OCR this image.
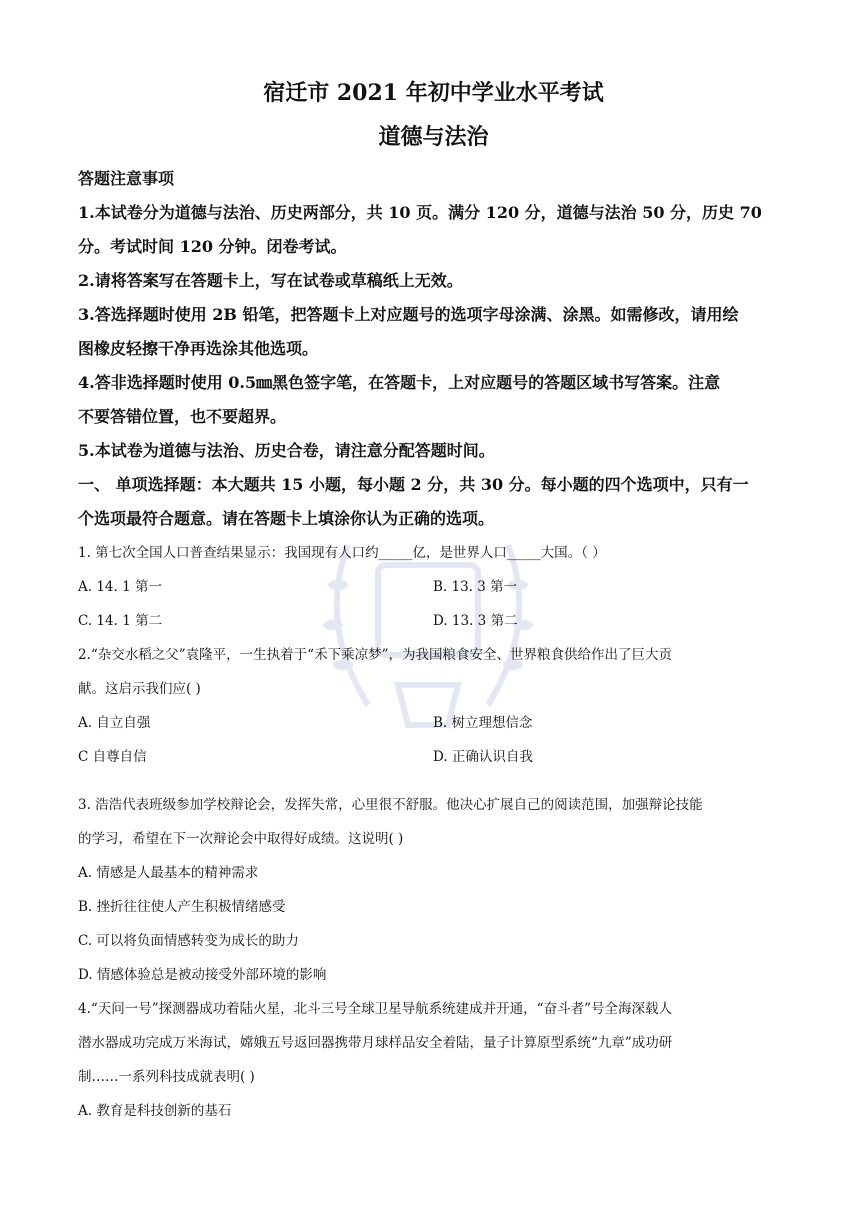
宿迁市 2021 年初中学业水平考试
道德与法治
答题注意事项
1.本试卷分为道德与法治、历史两部分，共 10 页。满分 120 分，道德与法治 50 分，历史 70
分。考试时间 120 分钟。闭卷考试。
2.请将答案写在答题卡上，写在试卷或草稿纸上无效。
3.答选择题时使用 2B 铅笔，把答题卡上对应题号的选项字母涂满、涂黑。如需修改，请用绘
图橡皮轻擦干净再选涂其他选项。
4.答非选择题时使用 0.5㎜黑色签字笔，在答题卡，上对应题号的答题区域书写答案。注意
不要答错位置，也不要超界。
5.本试卷为道德与法治、历史合卷，请注意分配答题时间。
一、 单项选择题：本大题共 15 小题，每小题 2 分，共 30 分。每小题的四个选项中，只有一
个选项最符合题意。请在答题卡上填涂你认为正确的选项。
1. 第七次全国人口普查结果显示：我国现有人口约_____亿，是世界人口_____大国。（ ）
A. 14. 1 第一	B. 13. 3 第一
C. 14. 1 第二	D. 13. 3 第二
2.“杂交水稻之父”袁隆平，一生执着于“禾下乘凉梦”，为我国粮食安全、世界粮食供给作出了巨大贡
献。这启示我们应( )
A. 自立自强	B. 树立理想信念
C 自尊自信	D. 正确认识自我
3. 浩浩代表班级参加学校辩论会，发挥失常，心里很不舒服。他决心扩展自己的阅读范围，加强辩论技能
的学习，希望在下一次辩论会中取得好成绩。这说明( )
A. 情感是人最基本的精神需求
B. 挫折往往使人产生积极情绪感受
C. 可以将负面情感转变为成长的助力
D. 情感体验总是被动接受外部环境的影响
4.“天问一号”探测器成功着陆火星，北斗三号全球卫星导航系统建成并开通，“奋斗者”号全海深载人
潜水器成功完成万米海试，嫦娥五号返回器携带月球样品安全着陆，量子计算原型系统“九章”成功研
制……一系列科技成就表明( )
A. 教育是科技创新的基石
